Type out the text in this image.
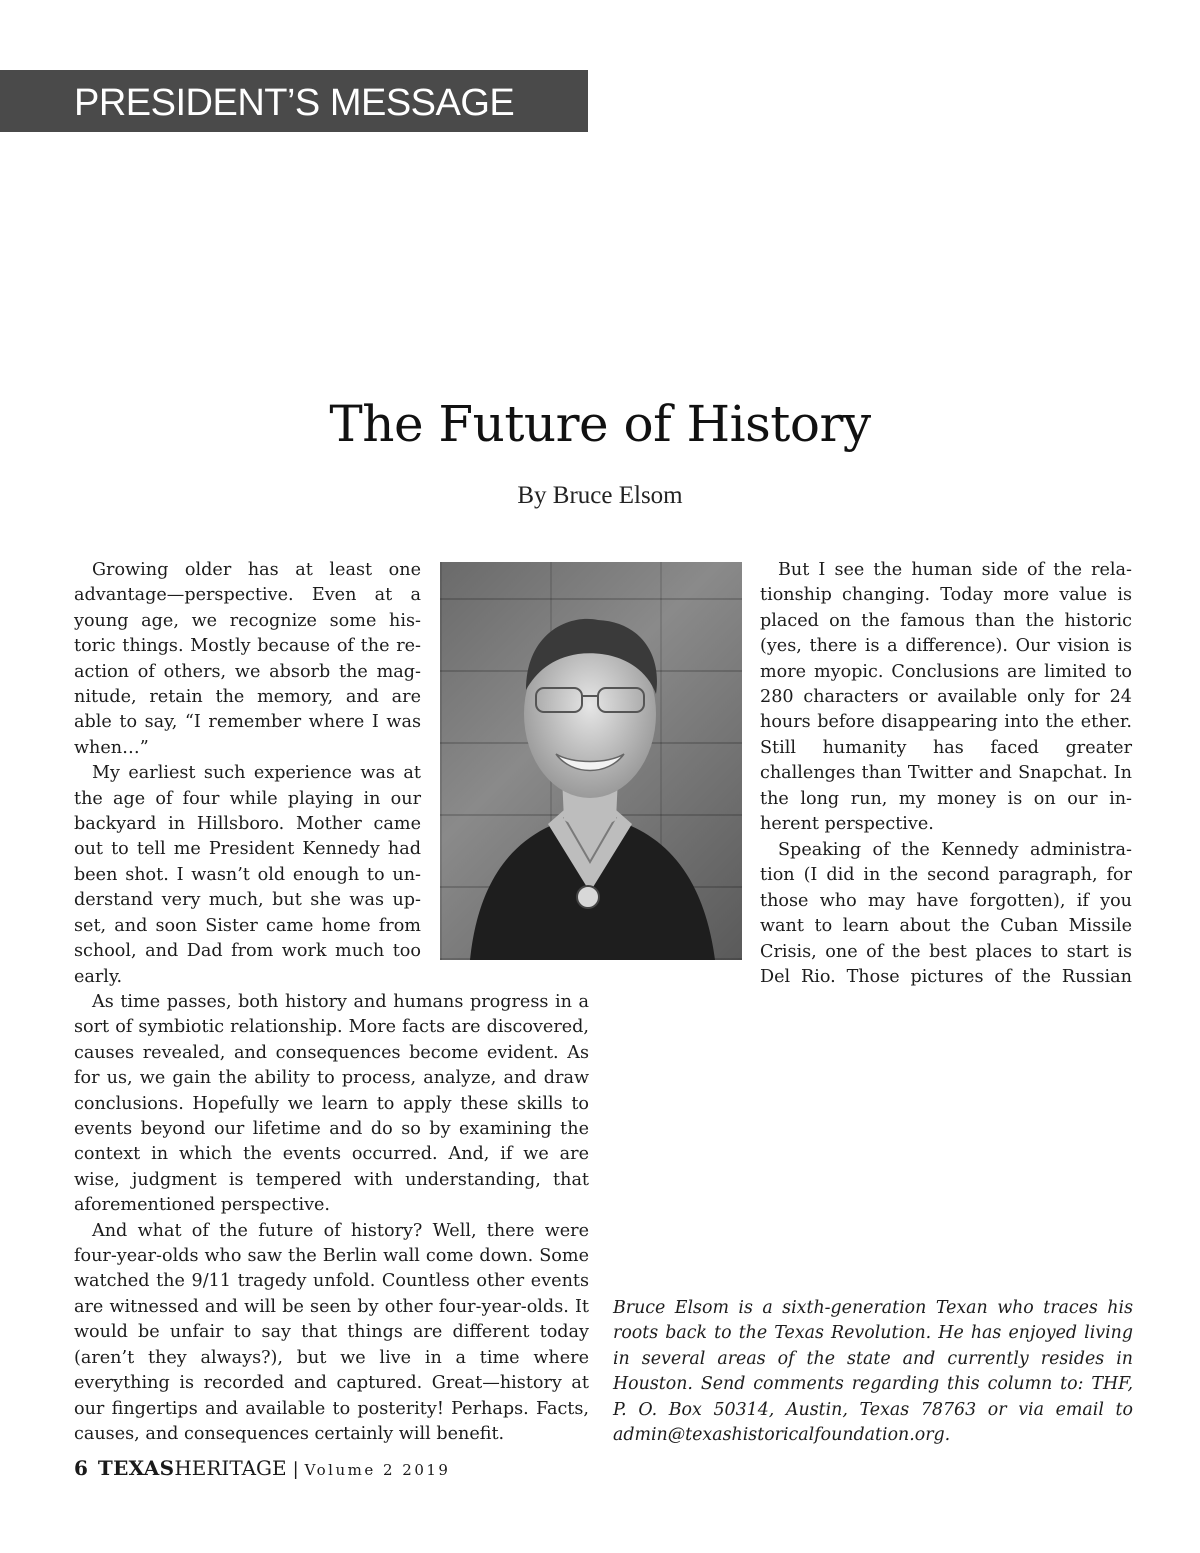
PRESIDENT’S MESSAGE
The Future of History
By Bruce Elsom

Growing older has at least one advantage—perspective. Even at a young age, we recognize some historic things. Mostly because of the reaction of others, we absorb the magnitude, retain the memory, and are able to say, “I remember where I was when…”

My earliest such experience was at the age of four while playing in our backyard in Hillsboro. Mother came out to tell me President Kennedy had been shot. I wasn’t old enough to understand very much, but she was upset, and soon Sister came home from school, and Dad from work much too early.

As time passes, both history and humans progress in a sort of symbiotic relationship. More facts are discovered, causes revealed, and consequences become evident. As for us, we gain the ability to process, analyze, and draw conclusions. Hopefully we learn to apply these skills to events beyond our lifetime and do so by examining the context in which the events occurred. And, if we are wise, judgment is tempered with understanding, that aforementioned perspective.

And what of the future of history? Well, there were four-year-olds who saw the Berlin wall come down. Some watched the 9/11 tragedy unfold. Countless other events are witnessed and will be seen by other four-year-olds. It would be unfair to say that things are different today (aren’t they always?), but we live in a time where everything is recorded and captured. Great—history at our fingertips and available to posterity! Perhaps. Facts, causes, and consequences certainly will benefit.

But I see the human side of the relationship changing. Today more value is placed on the famous than the historic (yes, there is a difference). Our vision is more myopic. Conclusions are limited to 280 characters or available only for 24 hours before disappearing into the ether. Still humanity has faced greater challenges than Twitter and Snapchat. In the long run, my money is on our inherent perspective.

Speaking of the Kennedy administration (I did in the second paragraph, for those who may have forgotten), if you want to learn about the Cuban Missile Crisis, one of the best places to start is Del Rio. Those pictures of the Russian

Bruce Elsom is a sixth-generation Texan who traces his roots back to the Texas Revolution. He has enjoyed living in several areas of the state and currently resides in Houston. Send comments regarding this column to: THF, P. O. Box 50314, Austin, Texas 78763 or via email to admin@texashistoricalfoundation.org.

6 TEXASHERITAGE | Volume 2 2019
